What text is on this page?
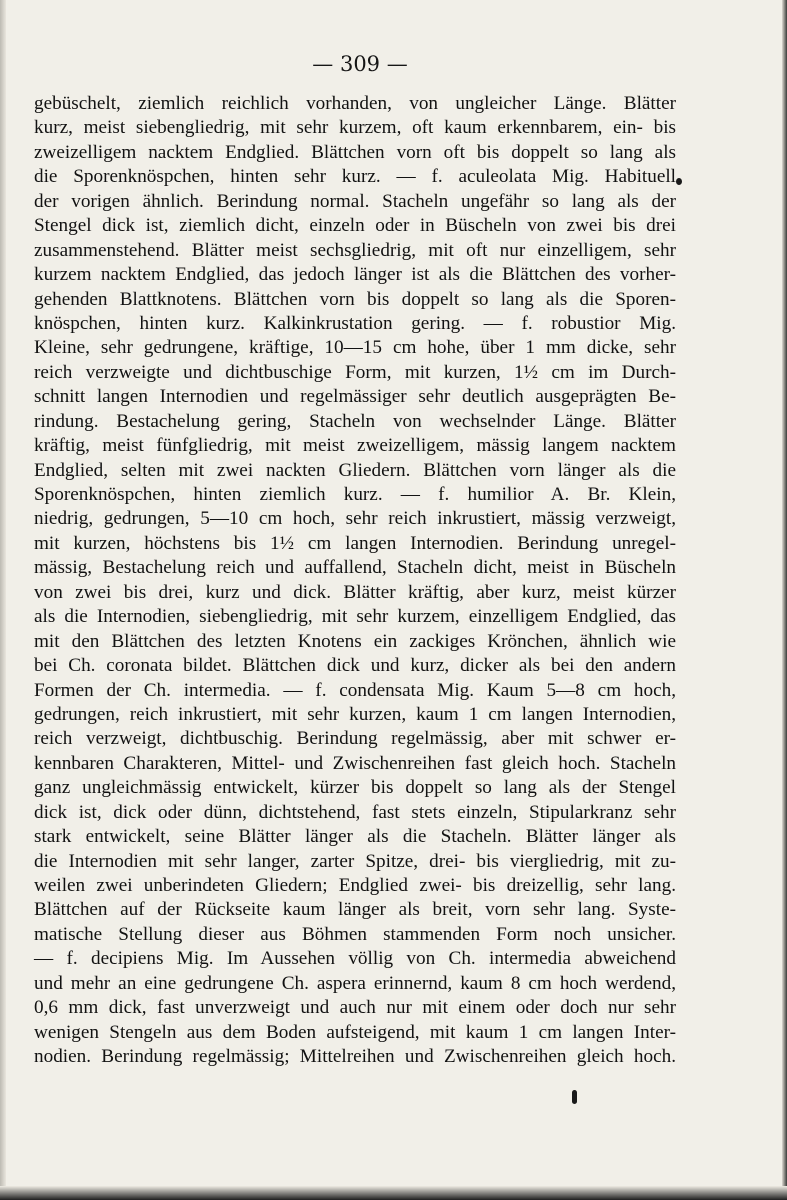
— 309 —
gebüschelt, ziemlich reichlich vorhanden, von ungleicher Länge. Blätter
kurz, meist siebengliedrig, mit sehr kurzem, oft kaum erkennbarem, ein- bis
zweizelligem nacktem Endglied. Blättchen vorn oft bis doppelt so lang als
die Sporenknöspchen, hinten sehr kurz. — f. aculeolata Mig. Habituell
der vorigen ähnlich. Berindung normal. Stacheln ungefähr so lang als der
Stengel dick ist, ziemlich dicht, einzeln oder in Büscheln von zwei bis drei
zusammenstehend. Blätter meist sechsgliedrig, mit oft nur einzelligem, sehr
kurzem nacktem Endglied, das jedoch länger ist als die Blättchen des vorher-
gehenden Blattknotens. Blättchen vorn bis doppelt so lang als die Sporen-
knöspchen, hinten kurz. Kalkinkrustation gering. — f. robustior Mig.
Kleine, sehr gedrungene, kräftige, 10—15 cm hohe, über 1 mm dicke, sehr
reich verzweigte und dichtbuschige Form, mit kurzen, 1½ cm im Durch-
schnitt langen Internodien und regelmässiger sehr deutlich ausgeprägten Be-
rindung. Bestachelung gering, Stacheln von wechselnder Länge. Blätter
kräftig, meist fünfgliedrig, mit meist zweizelligem, mässig langem nacktem
Endglied, selten mit zwei nackten Gliedern. Blättchen vorn länger als die
Sporenknöspchen, hinten ziemlich kurz. — f. humilior A. Br. Klein,
niedrig, gedrungen, 5—10 cm hoch, sehr reich inkrustiert, mässig verzweigt,
mit kurzen, höchstens bis 1½ cm langen Internodien. Berindung unregel-
mässig, Bestachelung reich und auffallend, Stacheln dicht, meist in Büscheln
von zwei bis drei, kurz und dick. Blätter kräftig, aber kurz, meist kürzer
als die Internodien, siebengliedrig, mit sehr kurzem, einzelligem Endglied, das
mit den Blättchen des letzten Knotens ein zackiges Krönchen, ähnlich wie
bei Ch. coronata bildet. Blättchen dick und kurz, dicker als bei den andern
Formen der Ch. intermedia. — f. condensata Mig. Kaum 5—8 cm hoch,
gedrungen, reich inkrustiert, mit sehr kurzen, kaum 1 cm langen Internodien,
reich verzweigt, dichtbuschig. Berindung regelmässig, aber mit schwer er-
kennbaren Charakteren, Mittel- und Zwischenreihen fast gleich hoch. Stacheln
ganz ungleichmässig entwickelt, kürzer bis doppelt so lang als der Stengel
dick ist, dick oder dünn, dichtstehend, fast stets einzeln, Stipularkranz sehr
stark entwickelt, seine Blätter länger als die Stacheln. Blätter länger als
die Internodien mit sehr langer, zarter Spitze, drei- bis viergliedrig, mit zu-
weilen zwei unberindeten Gliedern; Endglied zwei- bis dreizellig, sehr lang.
Blättchen auf der Rückseite kaum länger als breit, vorn sehr lang. Syste-
matische Stellung dieser aus Böhmen stammenden Form noch unsicher.
— f. decipiens Mig. Im Aussehen völlig von Ch. intermedia abweichend
und mehr an eine gedrungene Ch. aspera erinnernd, kaum 8 cm hoch werdend,
0,6 mm dick, fast unverzweigt und auch nur mit einem oder doch nur sehr
wenigen Stengeln aus dem Boden aufsteigend, mit kaum 1 cm langen Inter-
nodien. Berindung regelmässig; Mittelreihen und Zwischenreihen gleich hoch.
